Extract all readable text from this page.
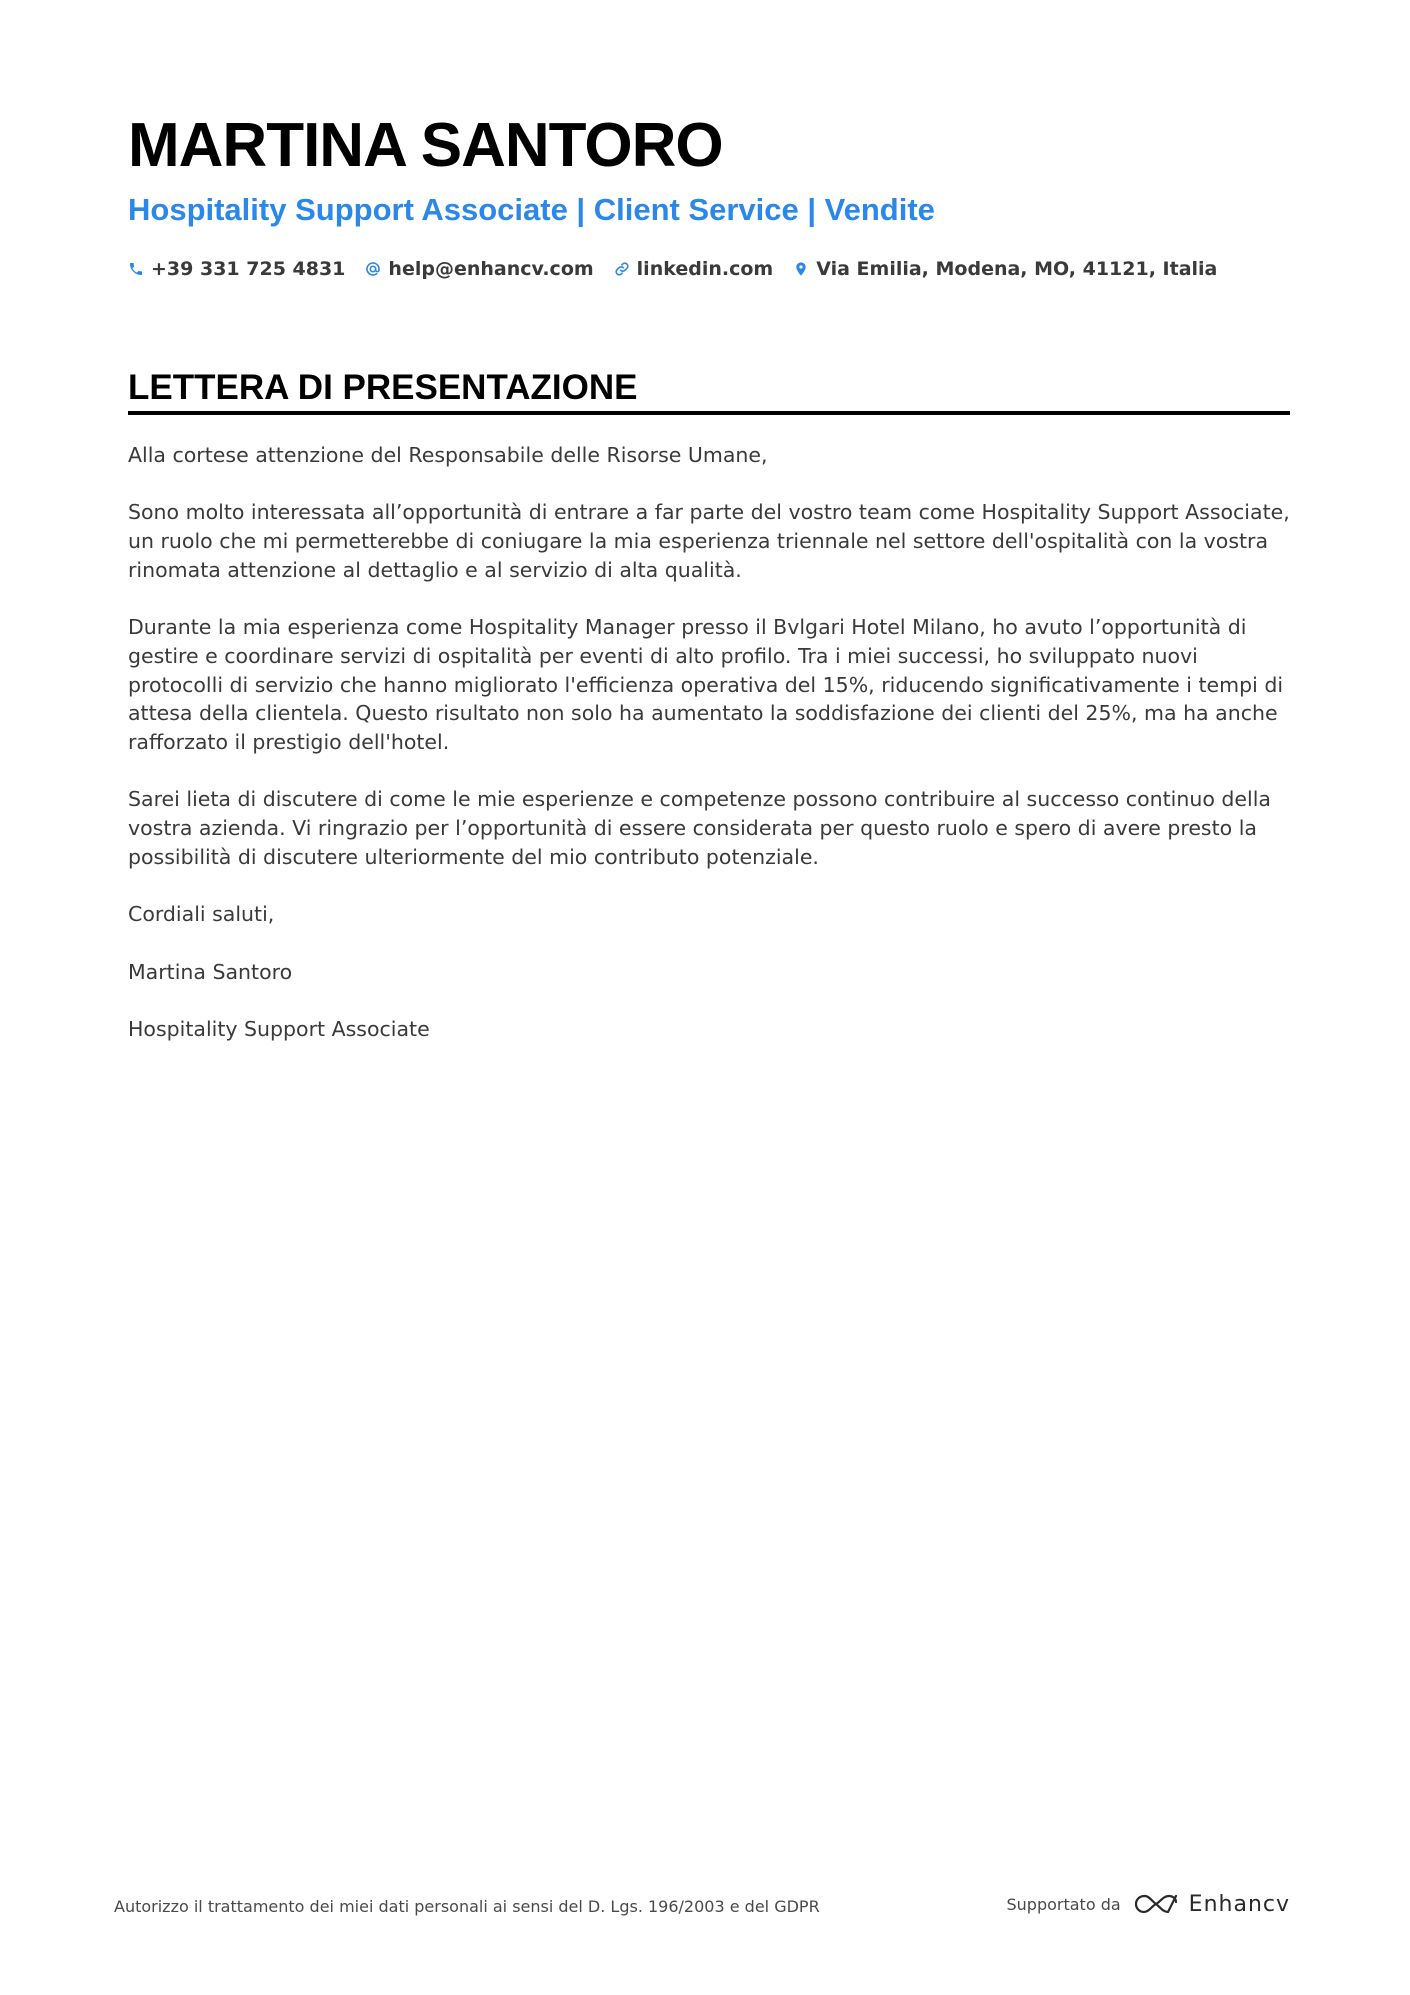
MARTINA SANTORO
Hospitality Support Associate | Client Service | Vendite
+39 331 725 4831 help@enhancv.com linkedin.com Via Emilia, Modena, MO, 41121, Italia
LETTERA DI PRESENTAZIONE

Alla cortese attenzione del Responsabile delle Risorse Umane,

Sono molto interessata all’opportunità di entrare a far parte del vostro team come Hospitality Support Associate, un ruolo che mi permetterebbe di coniugare la mia esperienza triennale nel settore dell'ospitalità con la vostra rinomata attenzione al dettaglio e al servizio di alta qualità.

Durante la mia esperienza come Hospitality Manager presso il Bvlgari Hotel Milano, ho avuto l’opportunità di gestire e coordinare servizi di ospitalità per eventi di alto profilo. Tra i miei successi, ho sviluppato nuovi protocolli di servizio che hanno migliorato l'efficienza operativa del 15%, riducendo significativamente i tempi di attesa della clientela. Questo risultato non solo ha aumentato la soddisfazione dei clienti del 25%, ma ha anche rafforzato il prestigio dell'hotel.

Sarei lieta di discutere di come le mie esperienze e competenze possono contribuire al successo continuo della vostra azienda. Vi ringrazio per l’opportunità di essere considerata per questo ruolo e spero di avere presto la possibilità di discutere ulteriormente del mio contributo potenziale.

Cordiali saluti,

Martina Santoro

Hospitality Support Associate

Autorizzo il trattamento dei miei dati personali ai sensi del D. Lgs. 196/2003 e del GDPR	Supportato da	Enhancv
